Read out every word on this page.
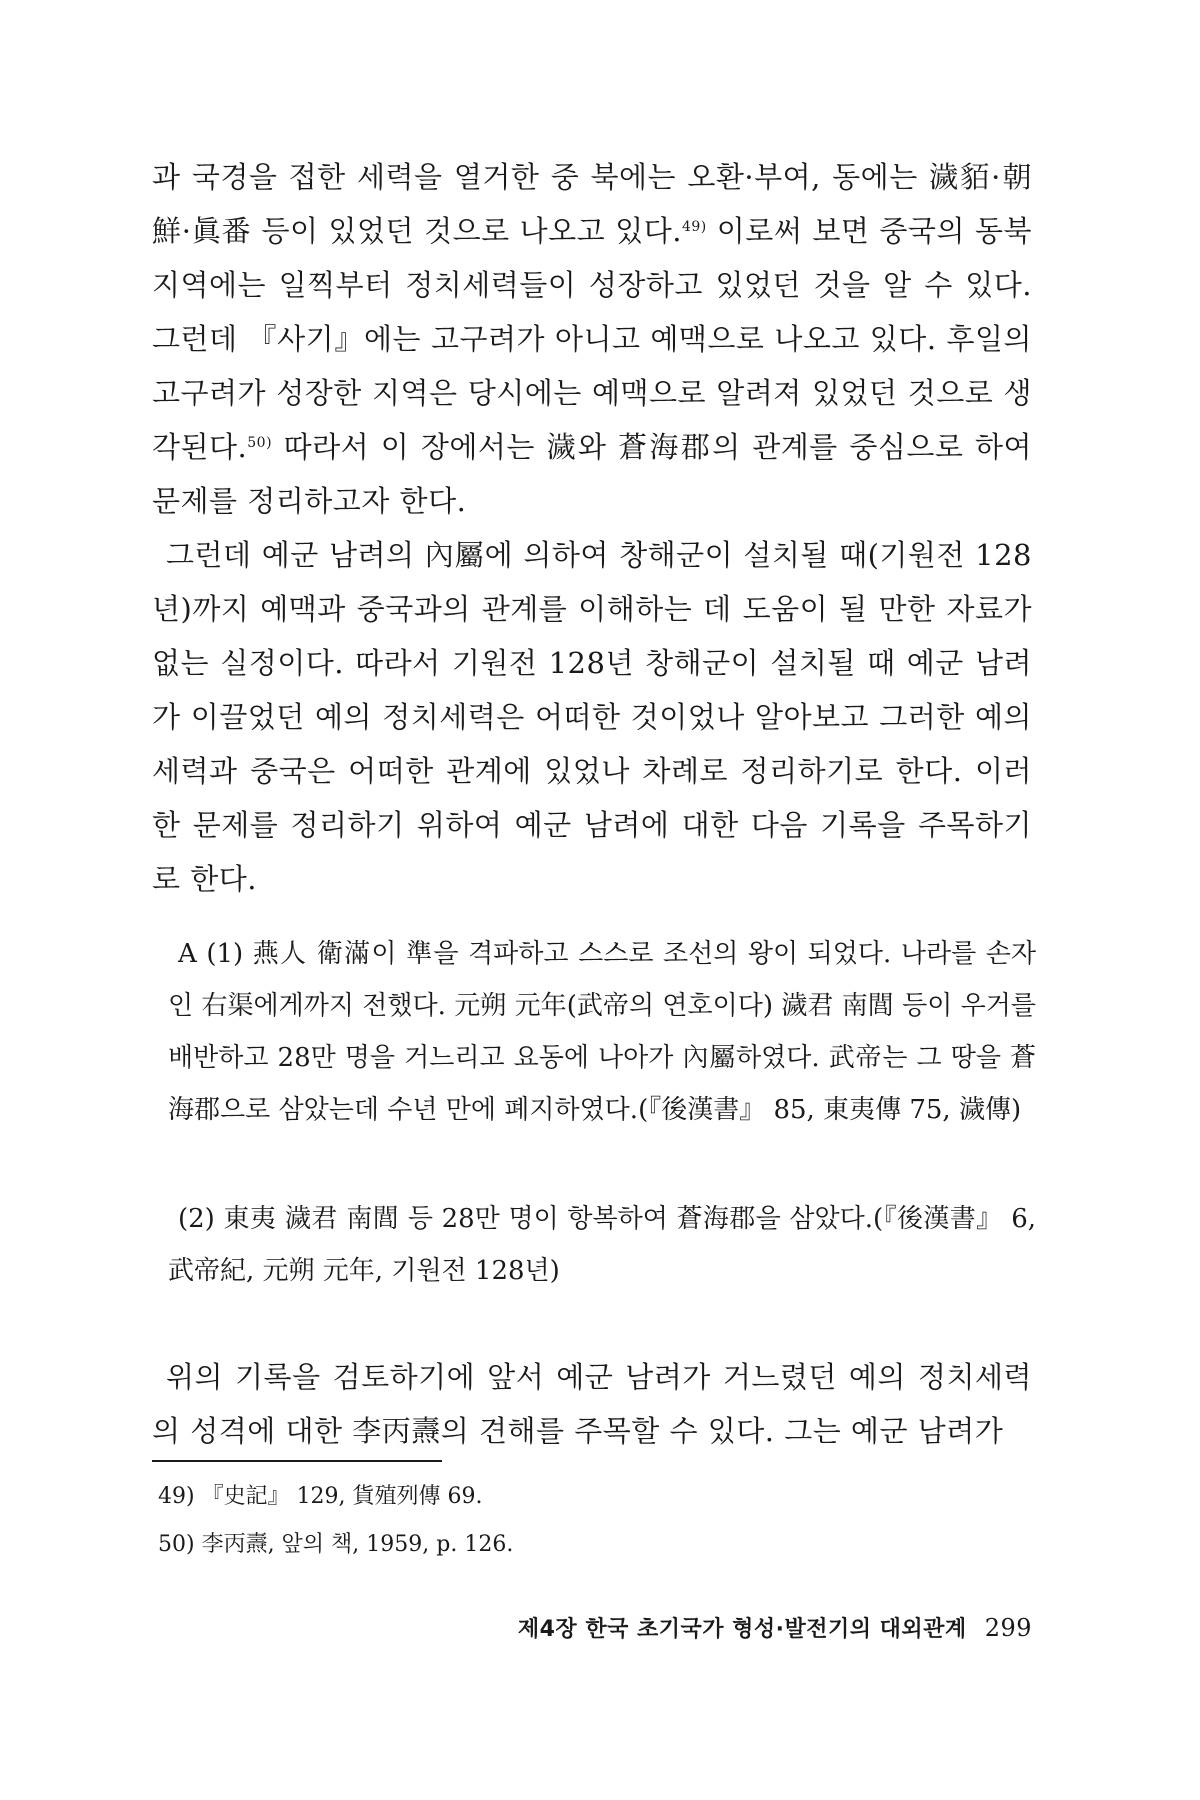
과 국경을 접한 세력을 열거한 중 북에는 오환·부여, 동에는 濊貊·朝鮮·眞番 등이 있었던 것으로 나오고 있다.$^{49)}$ 이로써 보면 중국의 동북지역에는 일찍부터 정치세력들이 성장하고 있었던 것을 알 수 있다. 그런데 『사기』에는 고구려가 아니고 예맥으로 나오고 있다. 후일의 고구려가 성장한 지역은 당시에는 예맥으로 알려져 있었던 것으로 생각된다.$^{50)}$ 따라서 이 장에서는 濊와 蒼海郡의 관계를 중심으로 하여 문제를 정리하고자 한다.

그런데 예군 남려의 內屬에 의하여 창해군이 설치될 때(기원전 128년)까지 예맥과 중국과의 관계를 이해하는 데 도움이 될 만한 자료가 없는 실정이다. 따라서 기원전 128년 창해군이 설치될 때 예군 남려가 이끌었던 예의 정치세력은 어떠한 것이었나 알아보고 그러한 예의 세력과 중국은 어떠한 관계에 있었나 차례로 정리하기로 한다. 이러한 문제를 정리하기 위하여 예군 남려에 대한 다음 기록을 주목하기로 한다.

A (1) 燕人 衛滿이 準을 격파하고 스스로 조선의 왕이 되었다. 나라를 손자인 右渠에게까지 전했다. 元朔 元年(武帝의 연호이다) 濊君 南閭 등이 우거를 배반하고 28만 명을 거느리고 요동에 나아가 內屬하였다. 武帝는 그 땅을 蒼海郡으로 삼았는데 수년 만에 폐지하였다.(『後漢書』 85, 東夷傳 75, 濊傳)

(2) 東夷 濊君 南閭 등 28만 명이 항복하여 蒼海郡을 삼았다.(『後漢書』 6, 武帝紀, 元朔 元年, 기원전 128년)

위의 기록을 검토하기에 앞서 예군 남려가 거느렸던 예의 정치세력의 성격에 대한 李丙燾의 견해를 주목할 수 있다. 그는 예군 남려가

49) 『史記』 129, 貨殖列傳 69.
50) 李丙燾, 앞의 책, 1959, p. 126.
제4장 한국 초기국가 형성·발전기의 대외관계 299
